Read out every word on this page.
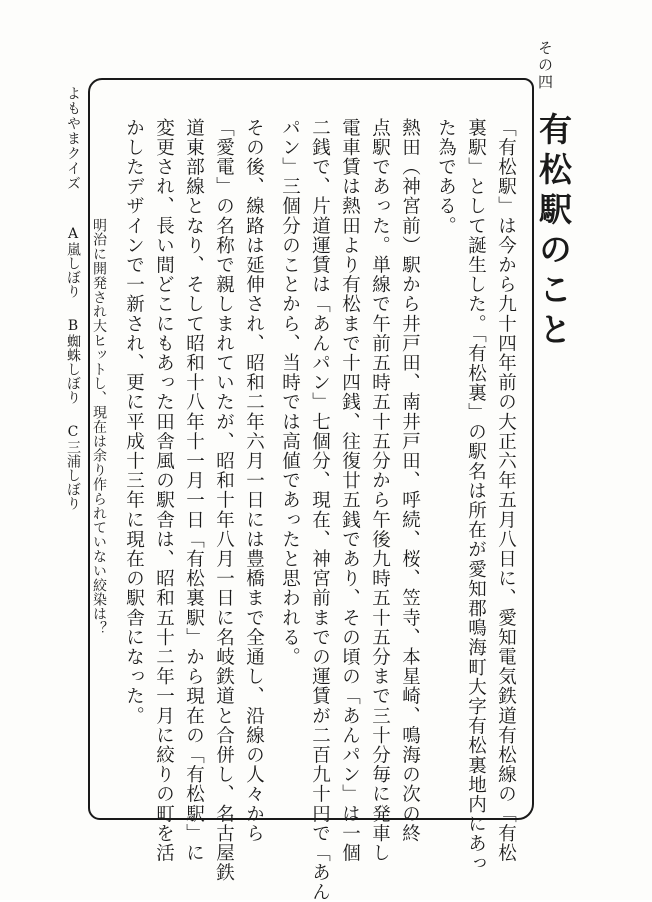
その四
有松駅のこと
「有松駅」は今から九十四年前の大正六年五月八日に、愛知電気鉄道有松線の「有松
裏駅」として誕生した。「有松裏」の駅名は所在が愛知郡鳴海町大字有松裏地内にあっ
た為である。
熱田（神宮前）駅から井戸田、南井戸田、呼続、桜、笠寺、本星崎、鳴海の次の終
点駅であった。単線で午前五時五十五分から午後九時五十五分まで三十分毎に発車し
電車賃は熱田より有松まで十四銭、往復廿五銭であり、その頃の「あんパン」は一個
二銭で、片道運賃は「あんパン」七個分、現在、神宮前までの運賃が二百九十円で「あん
パン」三個分のことから、当時では高値であったと思われる。
その後、線路は延伸され、昭和二年六月一日には豊橋まで全通し、沿線の人々から
「愛電」の名称で親しまれていたが、昭和十年八月一日に名岐鉄道と合併し、名古屋鉄
道東部線となり、そして昭和十八年十一月一日「有松裏駅」から現在の「有松駅」に
変更され、長い間どこにもあった田舎風の駅舎は、昭和五十二年一月に絞りの町を活
かしたデザインで一新され、更に平成十三年に現在の駅舎になった。
よもやまクイズ
明治に開発され大ヒットし、現在は余り作られていない絞染は？
A嵐しぼりB蜘蛛しぼりC三浦しぼり
